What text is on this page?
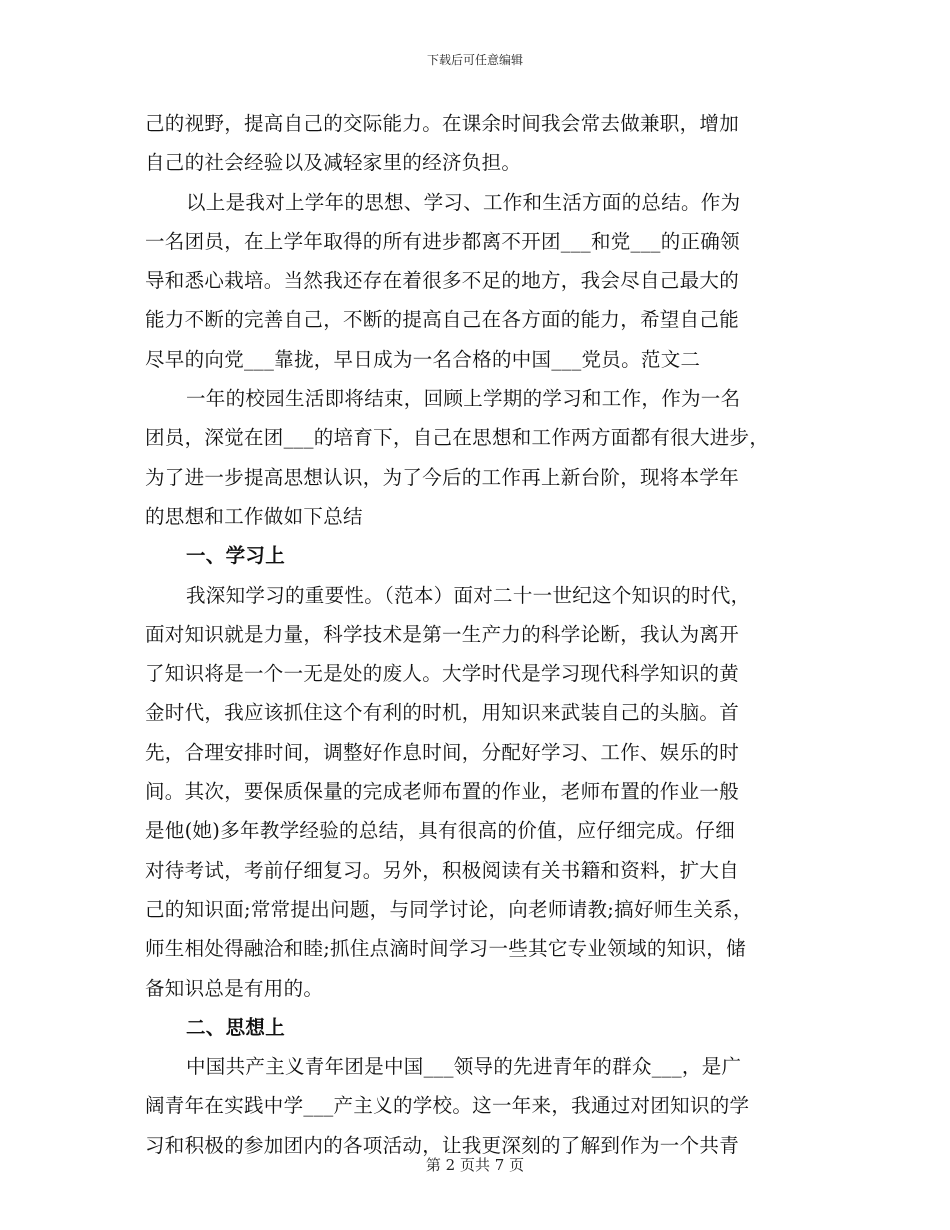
下载后可任意编辑
己的视野，提高自己的交际能力。在课余时间我会常去做兼职，增加
自己的社会经验以及减轻家里的经济负担。
以上是我对上学年的思想、学习、工作和生活方面的总结。作为
一名团员，在上学年取得的所有进步都离不开团___和党___的正确领
导和悉心栽培。当然我还存在着很多不足的地方，我会尽自己最大的
能力不断的完善自己，不断的提高自己在各方面的能力，希望自己能
尽早的向党___靠拢，早日成为一名合格的中国___党员。范文二
一年的校园生活即将结束，回顾上学期的学习和工作，作为一名
团员，深觉在团___的培育下，自己在思想和工作两方面都有很大进步，
为了进一步提高思想认识，为了今后的工作再上新台阶，现将本学年
的思想和工作做如下总结
一、学习上
我深知学习的重要性。（范本）面对二十一世纪这个知识的时代，
面对知识就是力量，科学技术是第一生产力的科学论断，我认为离开
了知识将是一个一无是处的废人。大学时代是学习现代科学知识的黄
金时代，我应该抓住这个有利的时机，用知识来武装自己的头脑。首
先，合理安排时间，调整好作息时间，分配好学习、工作、娱乐的时
间。其次，要保质保量的完成老师布置的作业，老师布置的作业一般
是他(她)多年教学经验的总结，具有很高的价值，应仔细完成。仔细
对待考试，考前仔细复习。另外，积极阅读有关书籍和资料，扩大自
己的知识面;常常提出问题，与同学讨论，向老师请教;搞好师生关系，
师生相处得融洽和睦;抓住点滴时间学习一些其它专业领域的知识，储
备知识总是有用的。
二、思想上
中国共产主义青年团是中国___领导的先进青年的群众___，是广
阔青年在实践中学___产主义的学校。这一年来，我通过对团知识的学
习和积极的参加团内的各项活动，让我更深刻的了解到作为一个共青
第 2 页共 7 页
